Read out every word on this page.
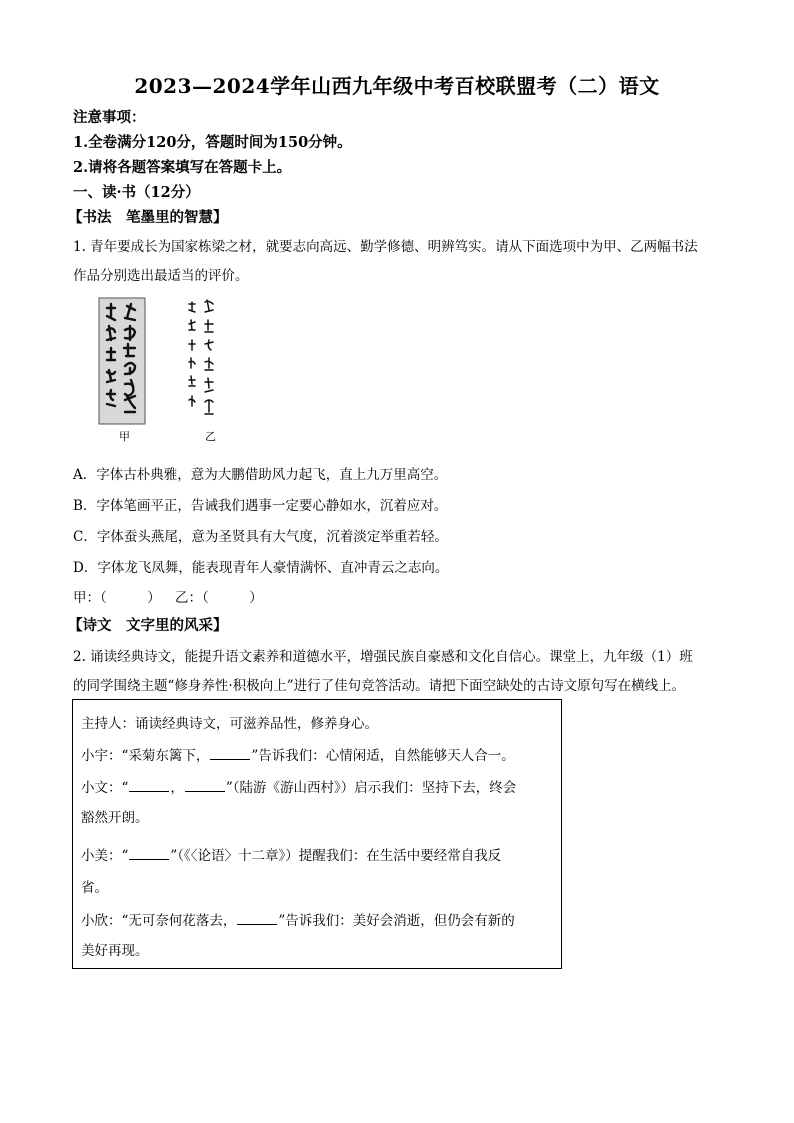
2023—2024学年山西九年级中考百校联盟考（二）语文
注意事项：
1.全卷满分120分，答题时间为150分钟。
2.请将各题答案填写在答题卡上。
一、读·书（12分）
【书法　笔墨里的智慧】
1. 青年要成长为国家栋梁之材，就要志向高远、勤学修德、明辨笃实。请从下面选项中为甲、乙两幅书法
作品分别选出最适当的评价。
甲	乙
A．字体古朴典雅，意为大鹏借助风力起飞，直上九万里高空。
B．字体笔画平正，告诫我们遇事一定要心静如水，沉着应对。
C．字体蚕头燕尾，意为圣贤具有大气度，沉着淡定举重若轻。
D．字体龙飞凤舞，能表现青年人豪情满怀、直冲青云之志向。
甲：（　　　） 乙：（　　　）
【诗文　文字里的风采】
2. 诵读经典诗文，能提升语文素养和道德水平，增强民族自豪感和文化自信心。课堂上，九年级（1）班
的同学围绕主题“修身养性·积极向上”进行了佳句竞答活动。请把下面空缺处的古诗文原句写在横线上。
主持人：诵读经典诗文，可滋养品性，修养身心。
小宇：“采菊东篱下，	”告诉我们：心情闲适，自然能够天人合一。
小文：“	，	”（陆游《游山西村》）启示我们：坚持下去，终会
豁然开朗。
小美：“	”（《〈论语〉十二章》）提醒我们：在生活中要经常自我反
省。
小欣：“无可奈何花落去，	”告诉我们：美好会消逝，但仍会有新的
美好再现。
